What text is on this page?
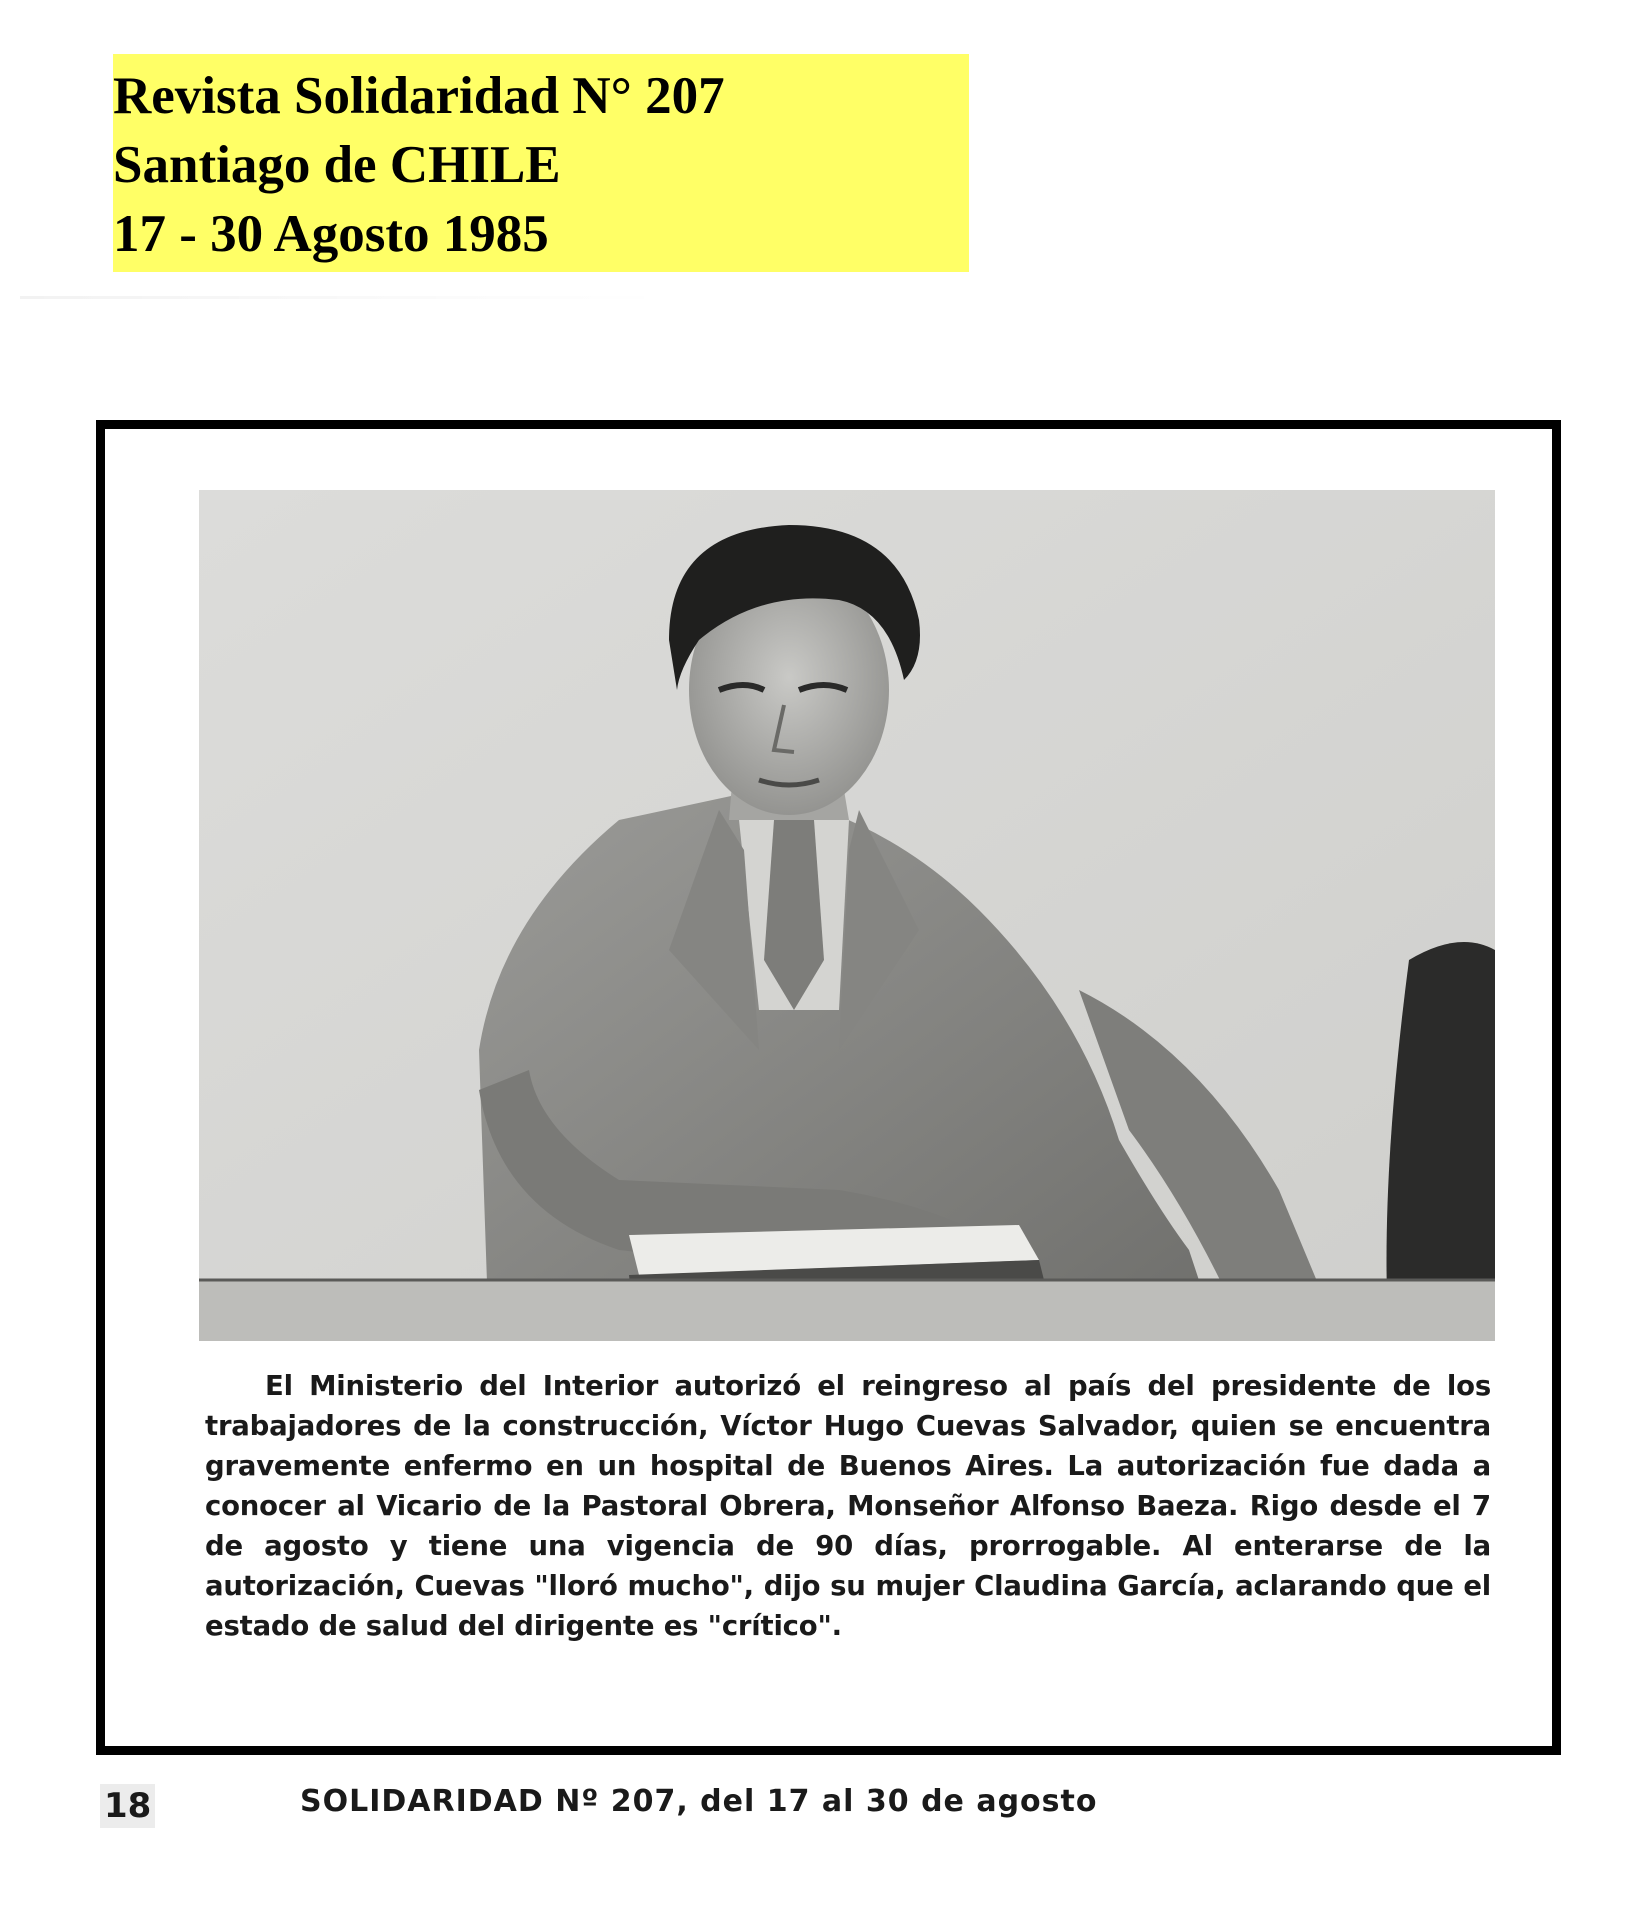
Revista Solidaridad N° 207
Santiago de CHILE
17 - 30 Agosto 1985
El Ministerio del Interior autorizó el reingreso al país del presidente de los trabajadores de la construcción, Víctor Hugo Cuevas Salvador, quien se encuentra gravemente enfermo en un hospital de Buenos Aires. La autorización fue dada a conocer al Vicario de la Pastoral Obrera, Monseñor Alfonso Baeza. Rigo desde el 7 de agosto y tiene una vigencia de 90 días, prorrogable. Al enterarse de la autorización, Cuevas "lloró mucho", dijo su mujer Claudina García, aclarando que el estado de salud del dirigente es "crítico".
18	SOLIDARIDAD Nº 207, del 17 al 30 de agosto
